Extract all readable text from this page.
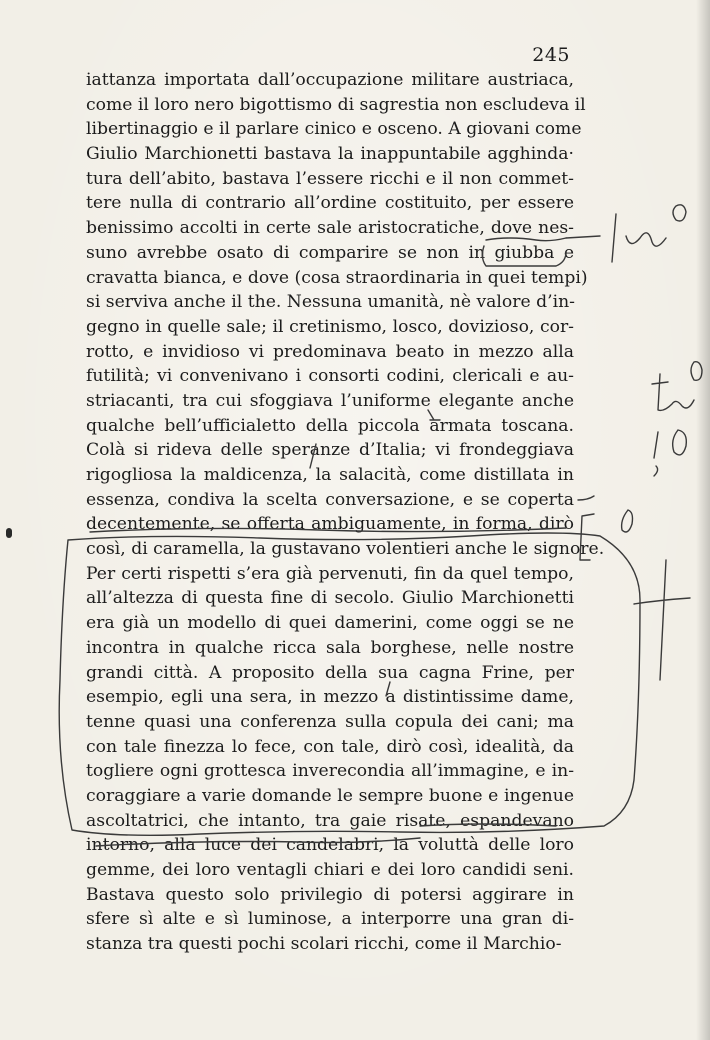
245
iattanza importata dall’occupazione militare austriaca,
come il loro nero bigottismo di sagrestia non escludeva il
libertinaggio e il parlare cinico e osceno. A giovani come
Giulio Marchionetti bastava la inappuntabile agghinda·
tura dell’abito, bastava l’essere ricchi e il non commet-
tere nulla di contrario all’ordine costituito, per essere
benissimo accolti in certe sale aristocratiche, dove nes-
suno avrebbe osato di comparire se non in giubba e
cravatta bianca, e dove (cosa straordinaria in quei tempi)
si serviva anche il the. Nessuna umanità, nè valore d’in-
gegno in quelle sale; il cretinismo, losco, dovizioso, cor-
rotto, e invidioso vi predominava beato in mezzo alla
futilità; vi convenivano i consorti codini, clericali e au-
striacanti, tra cui sfoggiava l’uniforme elegante anche
qualche bell’ufficialetto della piccola armata toscana.
Colà si rideva delle speranze d’Italia; vi frondeggiava
rigogliosa la maldicenza, la salacità, come distillata in
essenza, condiva la scelta conversazione, e se coperta
decentemente, se offerta ambiguamente, in forma, dirò
così, di caramella, la gustavano volentieri anche le signore.
Per certi rispetti s’era già pervenuti, fin da quel tempo,
all’altezza di questa fine di secolo. Giulio Marchionetti
era già un modello di quei damerini, come oggi se ne
incontra in qualche ricca sala borghese, nelle nostre
grandi città. A proposito della sua cagna Frine, per
esempio, egli una sera, in mezzo a distintissime dame,
tenne quasi una conferenza sulla copula dei cani; ma
con tale finezza lo fece, con tale, dirò così, idealità, da
togliere ogni grottesca inverecondia all’immagine, e in-
coraggiare a varie domande le sempre buone e ingenue
ascoltatrici, che intanto, tra gaie risate, espandevano
intorno, alla luce dei candelabri, la voluttà delle loro
gemme, dei loro ventagli chiari e dei loro candidi seni.
Bastava questo solo privilegio di potersi aggirare in
sfere sì alte e sì luminose, a interporre una gran di-
stanza tra questi pochi scolari ricchi, come il Marchio-
